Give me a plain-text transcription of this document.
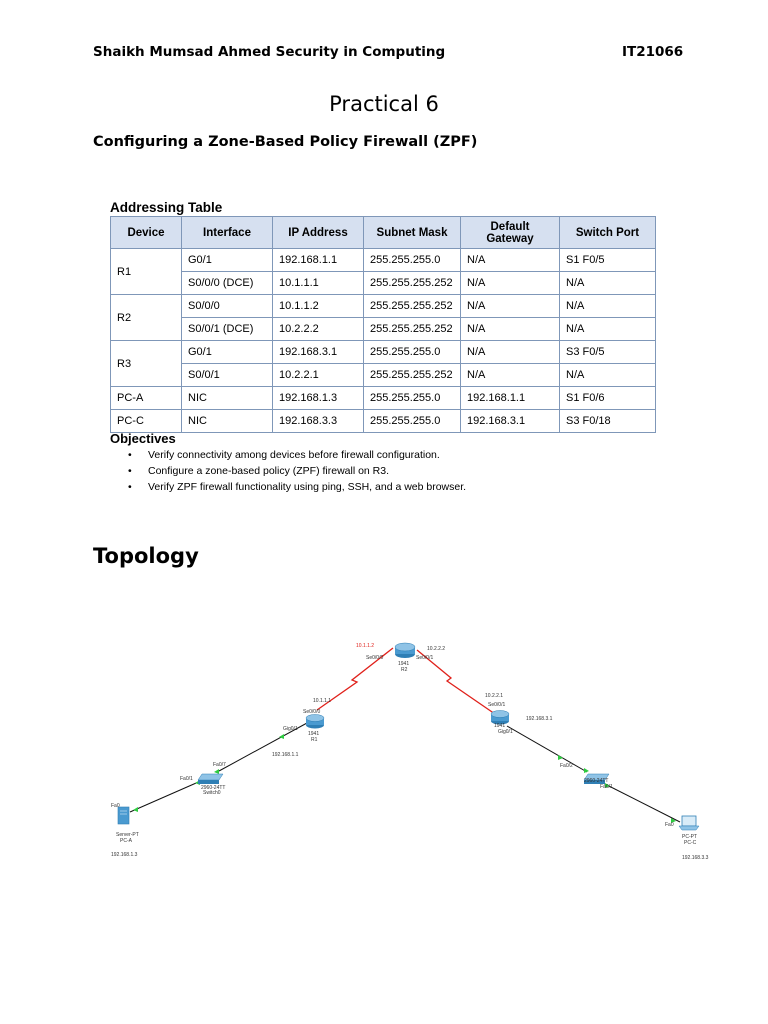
Shaikh Mumsad Ahmed Security in Computing	IT21066
Practical 6
Configuring a Zone-Based Policy Firewall (ZPF)
Addressing Table
Device	Interface	IP Address	Subnet Mask	Default Gateway	Switch Port
R1	G0/1	192.168.1.1	255.255.255.0	N/A	S1 F0/5
	S0/0/0 (DCE)	10.1.1.1	255.255.255.252	N/A	N/A
R2	S0/0/0	10.1.1.2	255.255.255.252	N/A	N/A
	S0/0/1 (DCE)	10.2.2.2	255.255.255.252	N/A	N/A
R3	G0/1	192.168.3.1	255.255.255.0	N/A	S3 F0/5
	S0/0/1	10.2.2.1	255.255.255.252	N/A	N/A
PC-A	NIC	192.168.1.3	255.255.255.0	192.168.1.1	S1 F0/6
PC-C	NIC	192.168.3.3	255.255.255.0	192.168.3.1	S3 F0/18
Objectives
• Verify connectivity among devices before firewall configuration.
• Configure a zone-based policy (ZPF) firewall on R3.
• Verify ZPF firewall functionality using ping, SSH, and a web browser.
Topology
10.1.1.2	10.2.2.2
Se0/0/0	Se0/0/1
1941
R2
10.1.1.1
Se0/0/0
Gig0/1
1941
R1
192.168.1.1
10.2.2.1
Se0/0/1
192.168.3.1
1941
Gig0/1
Fa0/7
Fa0/1
2960-24TT
Switch0
Fa0
Server-PT
PC-A
192.168.1.3
Fa0/2
2960-24TT
Fa0/1
Fa0
PC-PT
PC-C
192.168.3.3
